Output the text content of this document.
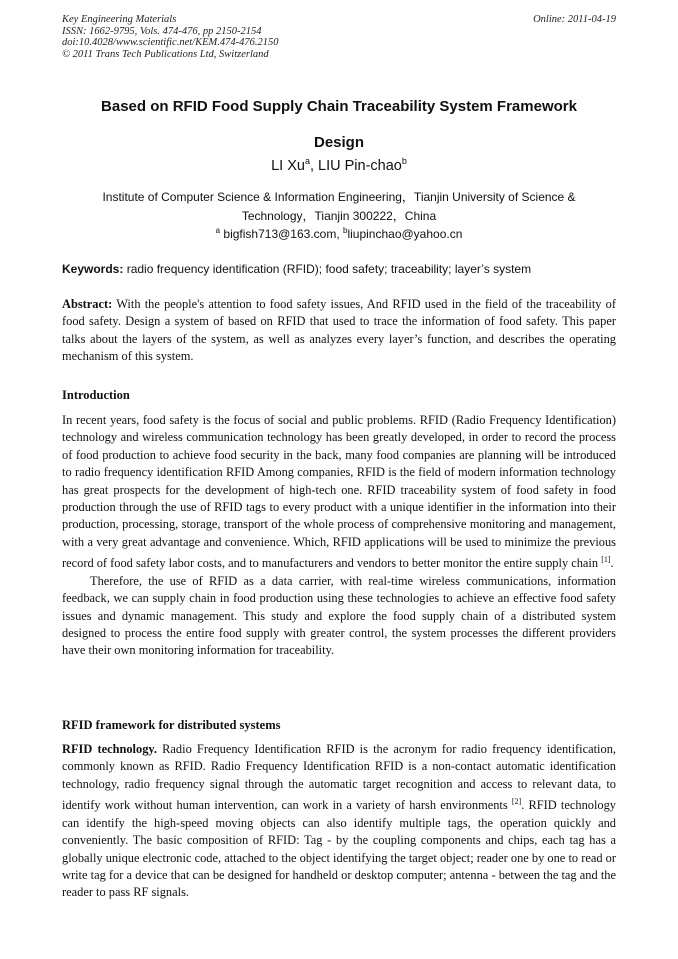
Key Engineering Materials
ISSN: 1662-9795, Vols. 474-476, pp 2150-2154
doi:10.4028/www.scientific.net/KEM.474-476.2150
© 2011 Trans Tech Publications Ltd, Switzerland
Online: 2011-04-19
Based on RFID Food Supply Chain Traceability System Framework
Design
LI Xu$^a$, LIU Pin-chao$^b$
Institute of Computer Science & Information Engineering，Tianjin University of Science &
Technology，Tianjin 300222，China
$^a$ bigfish713@163.com, $^b$liupinchao@yahoo.cn
Keywords: radio frequency identification (RFID); food safety; traceability; layer’s system
Abstract: With the people's attention to food safety issues, And RFID used in the field of the traceability of food safety. Design a system of based on RFID that used to trace the information of food safety. This paper talks about the layers of the system, as well as analyzes every layer’s function, and describes the operating mechanism of this system.
Introduction

In recent years, food safety is the focus of social and public problems. RFID (Radio Frequency Identification) technology and wireless communication technology has been greatly developed, in order to record the process of food production to achieve food security in the back, many food companies are planning will be introduced to radio frequency identification RFID Among companies, RFID is the field of modern information technology has great prospects for the development of high-tech one. RFID traceability system of food safety in food production through the use of RFID tags to every product with a unique identifier in the information into their production, processing, storage, transport of the whole process of comprehensive monitoring and management, with a very great advantage and convenience. Which, RFID applications will be used to minimize the previous record of food safety labor costs, and to manufacturers and vendors to better monitor the entire supply chain [1].

Therefore, the use of RFID as a data carrier, with real-time wireless communications, information feedback, we can supply chain in food production using these technologies to achieve an effective food safety issues and dynamic management. This study and explore the food supply chain of a distributed system designed to process the entire food supply with greater control, the system processes the different providers have their own monitoring information for traceability.

RFID framework for distributed systems
RFID technology. Radio Frequency Identification RFID is the acronym for radio frequency identification, commonly known as RFID. Radio Frequency Identification RFID is a non-contact automatic identification technology, radio frequency signal through the automatic target recognition and access to relevant data, to identify work without human intervention, can work in a variety of harsh environments [2]. RFID technology can identify the high-speed moving objects can also identify multiple tags, the operation quickly and conveniently. The basic composition of RFID: Tag - by the coupling components and chips, each tag has a globally unique electronic code, attached to the object identifying the target object; reader one by one to read or write tag for a device that can be designed for handheld or desktop computer; antenna - between the tag and the reader to pass RF signals.
